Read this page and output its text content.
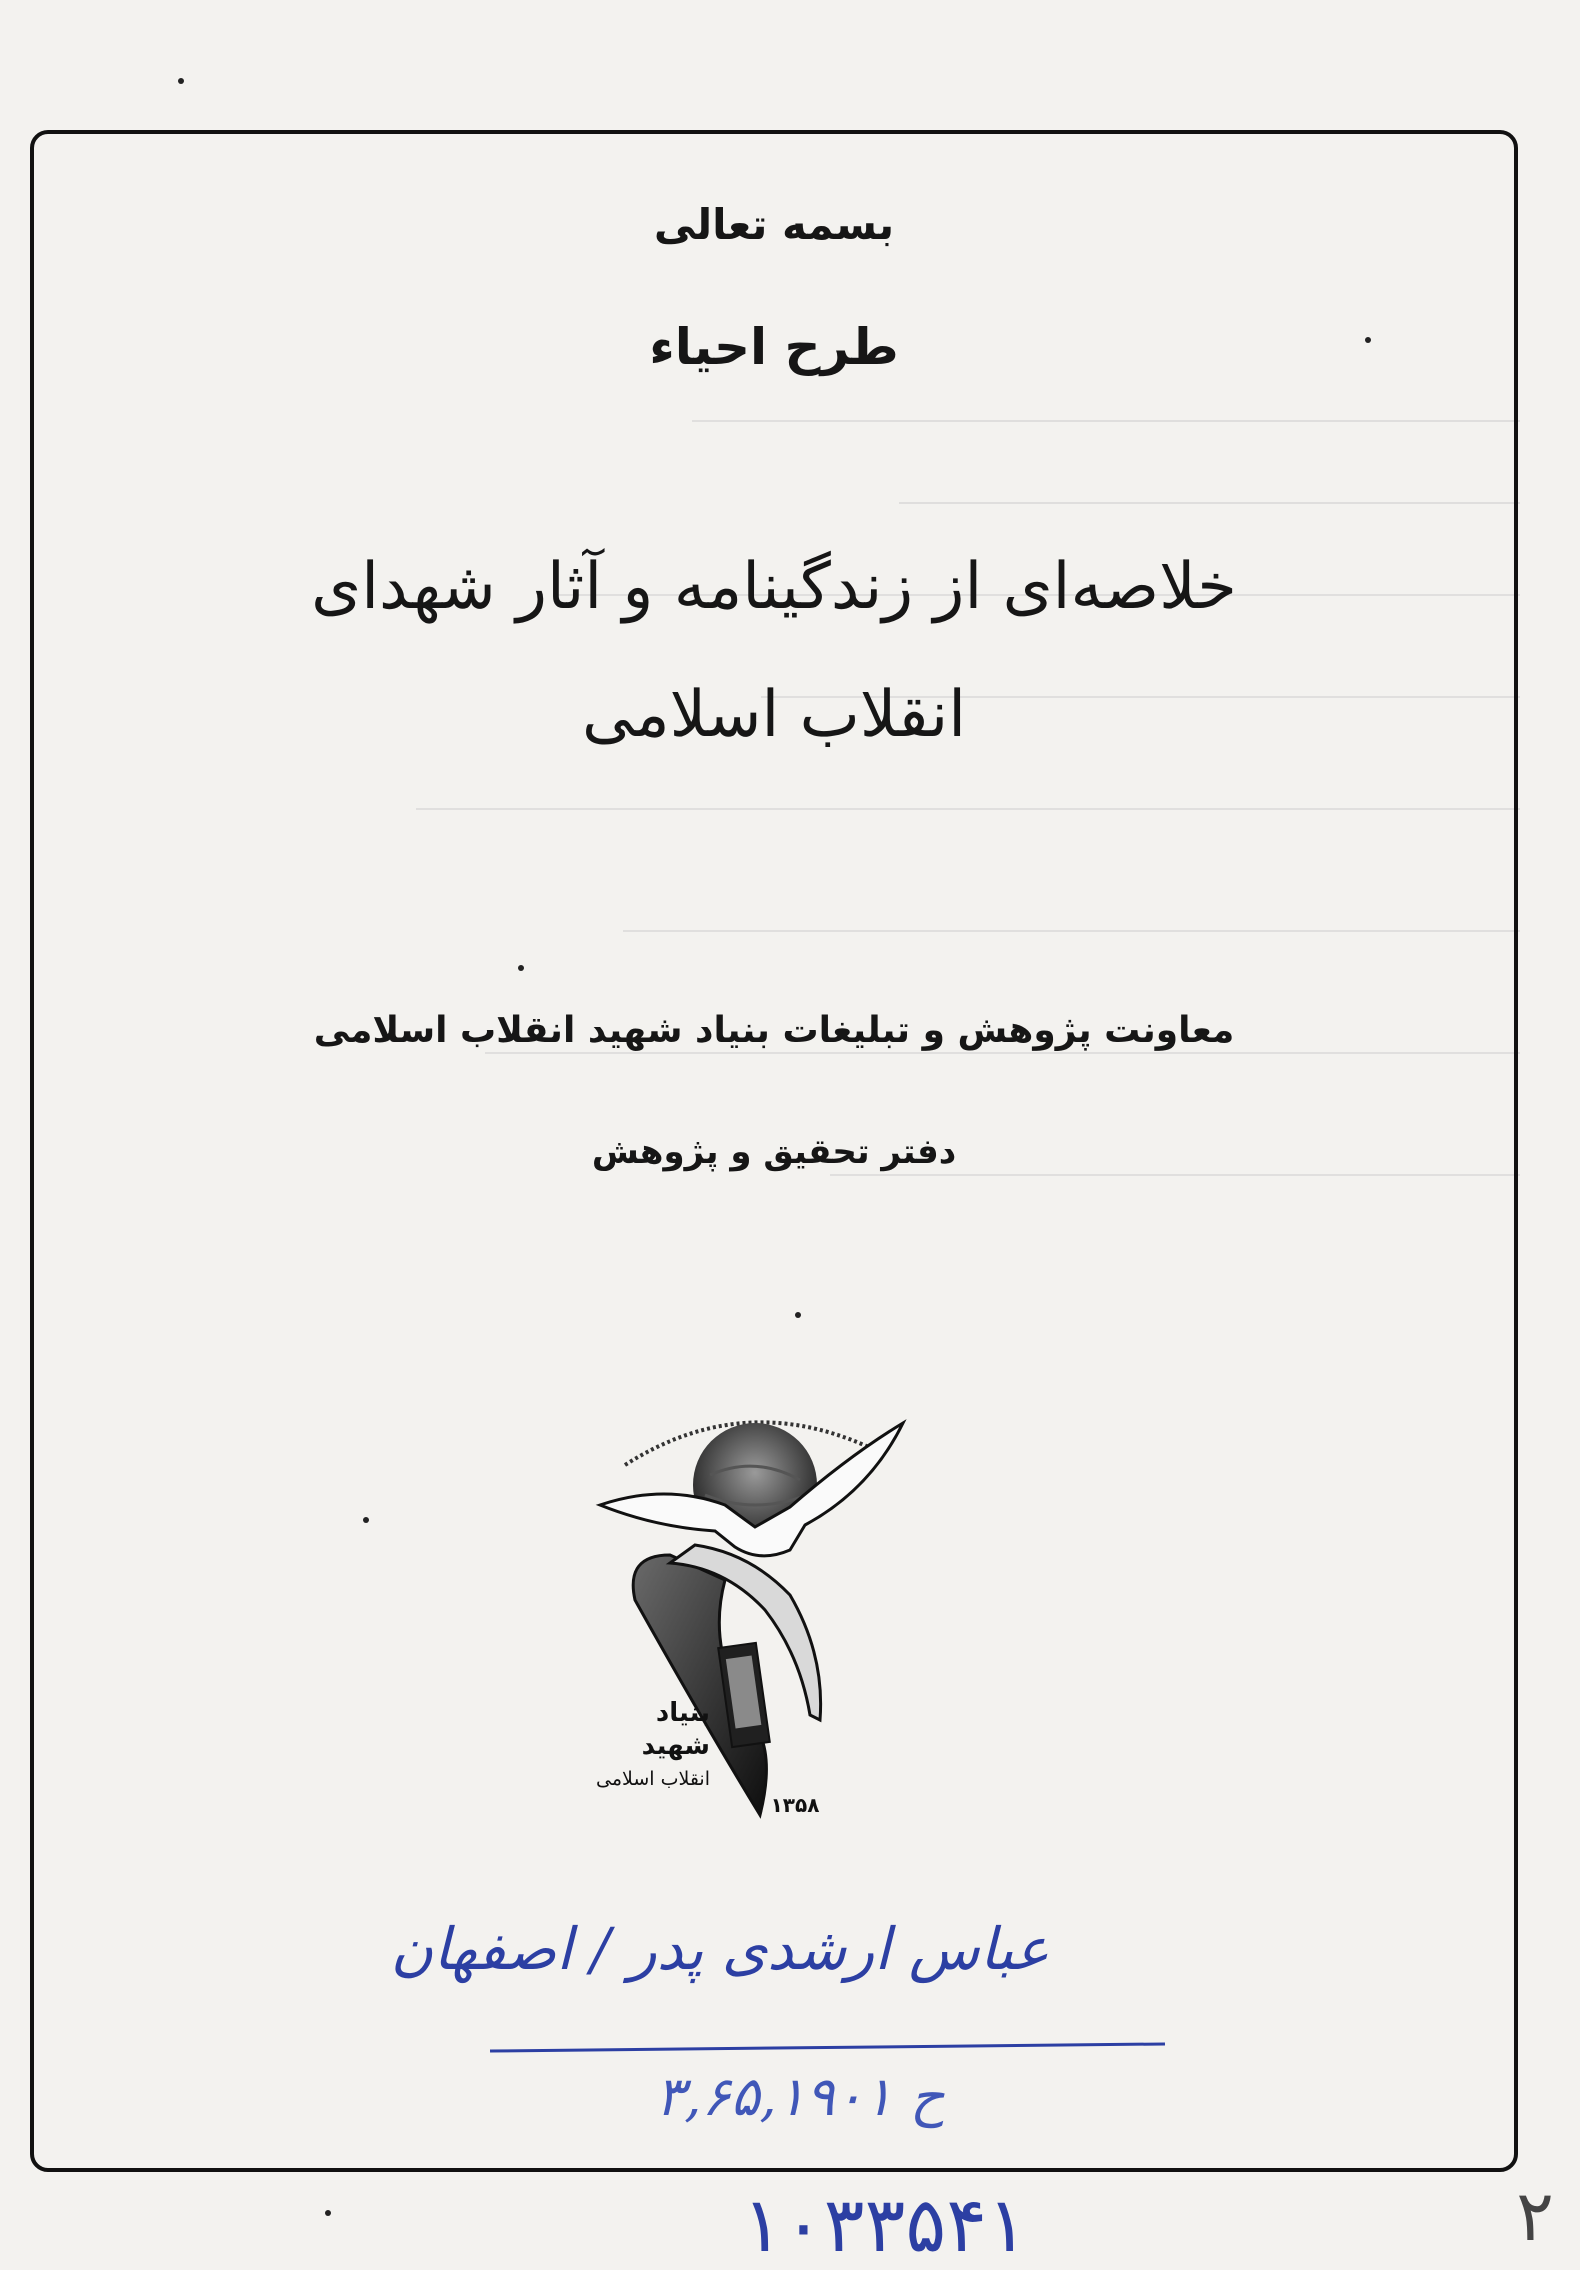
بسمه تعالی
طرح احیاء
خلاصه‌ای از زندگینامه و آثار شهدای
انقلاب اسلامی
معاونت پژوهش و تبلیغات بنیاد شهید انقلاب اسلامی
دفتر تحقیق و پژوهش
بنیاد
شهید
انقلاب اسلامی
۱۳۵۸
عباس ارشدی پدر / اصفهان
ح ۳,۶۵,۱۹۰۱
۱۰۳۳۵۴۱	۲
